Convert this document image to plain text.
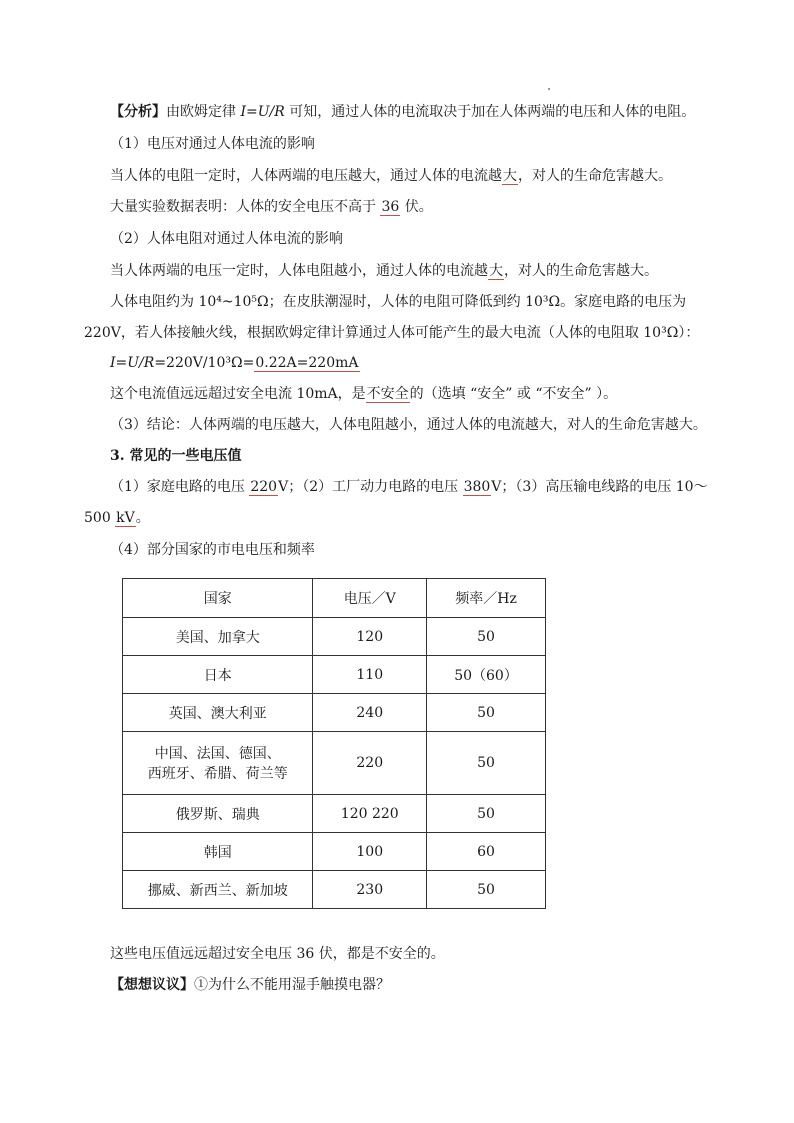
【分析】由欧姆定律 I=U/R 可知，通过人体的电流取决于加在人体两端的电压和人体的电阻。
（1）电压对通过人体电流的影响
当人体的电阻一定时，人体两端的电压越大，通过人体的电流越大，对人的生命危害越大。
大量实验数据表明：人体的安全电压不高于 36 伏。
（2）人体电阻对通过人体电流的影响
当人体两端的电压一定时，人体电阻越小，通过人体的电流越大，对人的生命危害越大。
人体电阻约为 10⁴~10⁵Ω；在皮肤潮湿时，人体的电阻可降低到约 10³Ω。家庭电路的电压为
220V，若人体接触火线，根据欧姆定律计算通过人体可能产生的最大电流（人体的电阻取 10³Ω）：
I=U/R=220V/10³Ω=0.22A=220mA
这个电流值远远超过安全电流 10mA，是不安全的（选填 “安全” 或 “不安全” ）。
（3）结论：人体两端的电压越大，人体电阻越小，通过人体的电流越大，对人的生命危害越大。
3. 常见的一些电压值
（1）家庭电路的电压 220V；（2）工厂动力电路的电压 380V；（3）高压输电线路的电压 10～
500 kV。
（4）部分国家的市电电压和频率
国家	电压／V	频率／Hz
美国、加拿大	120	50
日本	110	50（60）
英国、澳大利亚	240	50

中国、法国、德国、
西班牙、希腊、荷兰等	220	50
俄罗斯、瑞典	120 220	50
韩国	100	60
挪威、新西兰、新加坡	230	50
这些电压值远远超过安全电压 36 伏，都是不安全的。
【想想议议】①为什么不能用湿手触摸电器？
